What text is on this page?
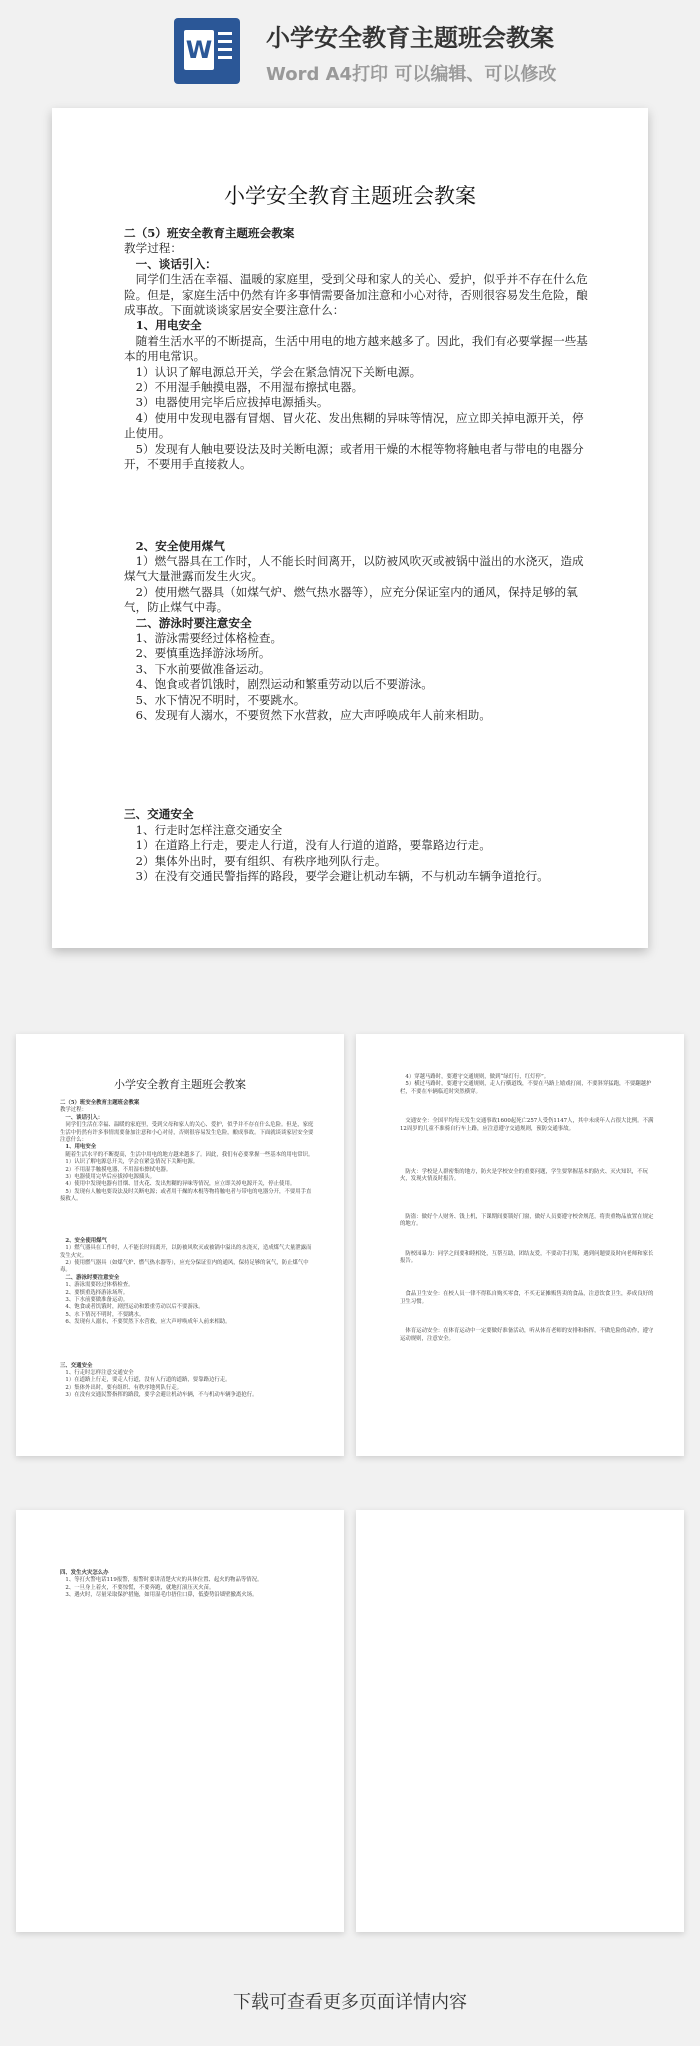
W 小学安全教育主题班会教案
Word A4打印 可以编辑、可以修改
小学安全教育主题班会教案

二（5）班安全教育主题班会教案

教学过程：

一、谈话引入：

同学们生活在幸福、温暖的家庭里，受到父母和家人的关心、爱护，似乎并不存在什么危险。但是，家庭生活中仍然有许多事情需要备加注意和小心对待，否则很容易发生危险，酿成事故。下面就谈谈家居安全要注意什么：

1、用电安全

随着生活水平的不断提高，生活中用电的地方越来越多了。因此，我们有必要掌握一些基本的用电常识。

1）认识了解电源总开关，学会在紧急情况下关断电源。

2）不用湿手触摸电器，不用湿布擦拭电器。

3）电器使用完毕后应拔掉电源插头。

4）使用中发现电器有冒烟、冒火花、发出焦糊的异味等情况，应立即关掉电源开关，停止使用。

5）发现有人触电要设法及时关断电源；或者用干燥的木棍等物将触电者与带电的电器分开，不要用手直接救人。

2、安全使用煤气

1）燃气器具在工作时，人不能长时间离开，以防被风吹灭或被锅中溢出的水浇灭，造成煤气大量泄露而发生火灾。

2）使用燃气器具（如煤气炉、燃气热水器等），应充分保证室内的通风，保持足够的氧气，防止煤气中毒。

二、游泳时要注意安全

1、游泳需要经过体格检查。

2、要慎重选择游泳场所。

3、下水前要做准备运动。

4、饱食或者饥饿时，剧烈运动和繁重劳动以后不要游泳。

5、水下情况不明时，不要跳水。

6、发现有人溺水，不要贸然下水营救，应大声呼唤成年人前来相助。

三、交通安全

1、行走时怎样注意交通安全

1）在道路上行走，要走人行道，没有人行道的道路，要靠路边行走。

2）集体外出时，要有组织、有秩序地列队行走。

3）在没有交通民警指挥的路段，要学会避让机动车辆，不与机动车辆争道抢行。

小学安全教育主题班会教案

二（5）班安全教育主题班会教案

教学过程：

一、谈话引入：

同学们生活在幸福、温暖的家庭里，受到父母和家人的关心、爱护，似乎并不存在什么危险。但是，家庭生活中仍然有许多事情需要备加注意和小心对待，否则很容易发生危险，酿成事故。下面就谈谈家居安全要注意什么：

1、用电安全

随着生活水平的不断提高，生活中用电的地方越来越多了。因此，我们有必要掌握一些基本的用电常识。

1）认识了解电源总开关，学会在紧急情况下关断电源。

2）不用湿手触摸电器，不用湿布擦拭电器。

3）电器使用完毕后应拔掉电源插头。

4）使用中发现电器有冒烟、冒火花、发出焦糊的异味等情况，应立即关掉电源开关，停止使用。

5）发现有人触电要设法及时关断电源；或者用干燥的木棍等物将触电者与带电的电器分开，不要用手直接救人。

2、安全使用煤气

1）燃气器具在工作时，人不能长时间离开，以防被风吹灭或被锅中溢出的水浇灭，造成煤气大量泄露而发生火灾。

2）使用燃气器具（如煤气炉、燃气热水器等），应充分保证室内的通风，保持足够的氧气，防止煤气中毒。

二、游泳时要注意安全

1、游泳需要经过体格检查。

2、要慎重选择游泳场所。

3、下水前要做准备运动。

4、饱食或者饥饿时，剧烈运动和繁重劳动以后不要游泳。

5、水下情况不明时，不要跳水。

6、发现有人溺水，不要贸然下水营救，应大声呼唤成年人前来相助。

三、交通安全

1、行走时怎样注意交通安全

1）在道路上行走，要走人行道，没有人行道的道路，要靠路边行走。

2）集体外出时，要有组织、有秩序地列队行走。

3）在没有交通民警指挥的路段，要学会避让机动车辆，不与机动车辆争道抢行。

4）穿越马路时，要遵守交通规则，做到“绿灯行，红灯停”。

5）横过马路时，要遵守交通规则，走人行横道线，不要在马路上嬉戏打闹，不要斜穿猛跑，不要翻越护栏，不要在车辆临近时突然横穿。

交通安全：全国平均每天发生交通事故1600起死亡257人受伤1147人，其中未成年人占很大比例。不满12周岁的儿童不准骑自行车上路，应注意遵守交通规则，预防交通事故。

防火：学校是人群密集的地方，防火是学校安全的重要问题，学生要掌握基本的防火、灭火知识，不玩火，发现火情及时报告。

防盗：做好个人财务、钱上机，下课期间要锁好门窗，做好人员要遵守校舍规范，将贵重物品放置在规定的地方。

防校园暴力：同学之间要和睦相处，互帮互助，团结友爱，不要动手打架，遇到问题要及时向老师和家长报告。

食品卫生安全：在校人员一律不得私自购买零食，不买无证摊贩售卖的食品，注意饮食卫生，养成良好的卫生习惯。

体育运动安全：在体育运动中一定要做好准备活动，听从体育老师的安排和指挥，不做危险的动作，遵守运动规则，注意安全。

四、发生火灾怎么办

1、等打火警电话119报警，报警时要讲清楚火灾的具体位置、起火的物品等情况。

2、一旦身上着火，不要惊慌，不要奔跑，就地打滚压灭火苗。

3、遇火时，尽量采取保护措施，如用湿毛巾捂住口鼻，低姿势沿墙壁撤离火场。

下载可查看更多页面详情内容
